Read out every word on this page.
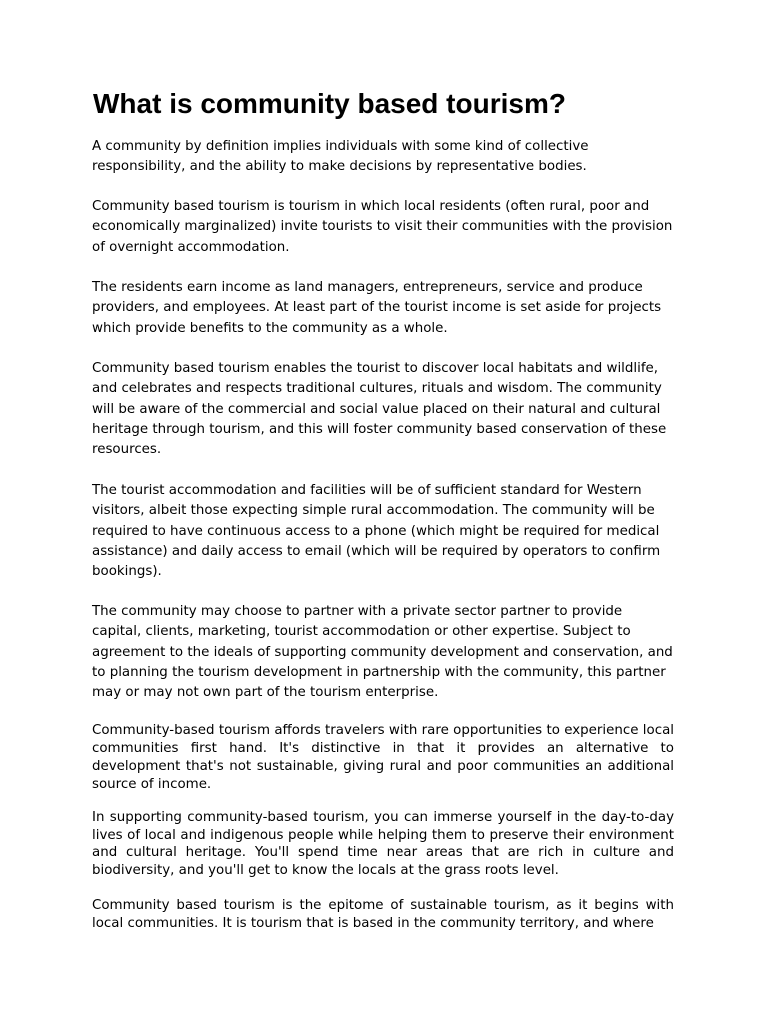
What is community based tourism?

A community by definition implies individuals with some kind of collective responsibility, and the ability to make decisions by representative bodies.

Community based tourism is tourism in which local residents (often rural, poor and economically marginalized) invite tourists to visit their communities with the provision of overnight accommodation.

The residents earn income as land managers, entrepreneurs, service and produce providers, and employees. At least part of the tourist income is set aside for projects which provide benefits to the community as a whole.

Community based tourism enables the tourist to discover local habitats and wildlife, and celebrates and respects traditional cultures, rituals and wisdom. The community will be aware of the commercial and social value placed on their natural and cultural heritage through tourism, and this will foster community based conservation of these resources.

The tourist accommodation and facilities will be of sufficient standard for Western visitors, albeit those expecting simple rural accommodation. The community will be required to have continuous access to a phone (which might be required for medical assistance) and daily access to email (which will be required by operators to confirm bookings).

The community may choose to partner with a private sector partner to provide capital, clients, marketing, tourist accommodation or other expertise. Subject to agreement to the ideals of supporting community development and conservation, and to planning the tourism development in partnership with the community, this partner may or may not own part of the tourism enterprise.

Community-based tourism affords travelers with rare opportunities to experience local communities first hand. It's distinctive in that it provides an alternative to development that's not sustainable, giving rural and poor communities an additional source of income.

In supporting community-based tourism, you can immerse yourself in the day-to-day lives of local and indigenous people while helping them to preserve their environment and cultural heritage. You'll spend time near areas that are rich in culture and biodiversity, and you'll get to know the locals at the grass roots level.

Community based tourism is the epitome of sustainable tourism, as it begins with local communities. It is tourism that is based in the community territory, and where
